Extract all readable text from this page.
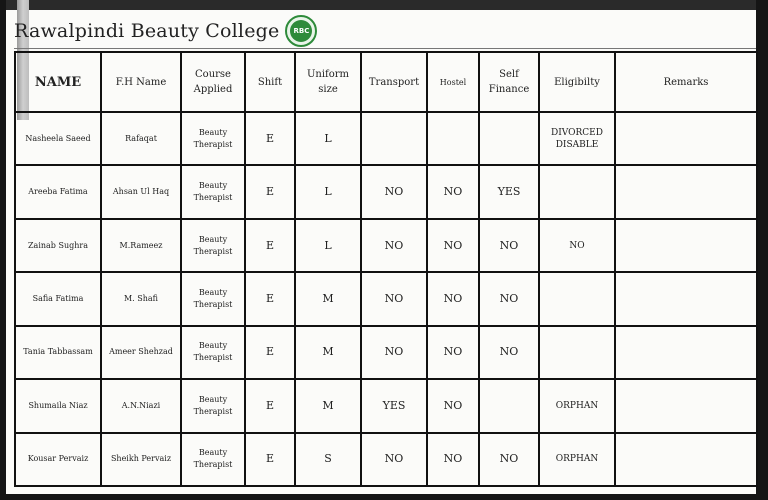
Rawalpindi Beauty College	RBC
NAME	F.H Name	Course Applied	Shift	Uniform size	Transport	Hostel	Self Finance	Eligibilty	Remarks
Nasheela Saeed	Rafaqat	Beauty Therapist	E	L				DIVORCED DISABLE	
Areeba Fatima	Ahsan Ul Haq	Beauty Therapist	E	L	NO	NO	YES		
Zainab Sughra	M.Rameez	Beauty Therapist	E	L	NO	NO	NO	NO	
Safia Fatima	M. Shafi	Beauty Therapist	E	M	NO	NO	NO		
Tania Tabbassam	Ameer Shehzad	Beauty Therapist	E	M	NO	NO	NO		
Shumaila Niaz	A.N.Niazi	Beauty Therapist	E	M	YES	NO		ORPHAN	
Kousar Pervaiz	Sheikh Pervaiz	Beauty Therapist	E	S	NO	NO	NO	ORPHAN	
